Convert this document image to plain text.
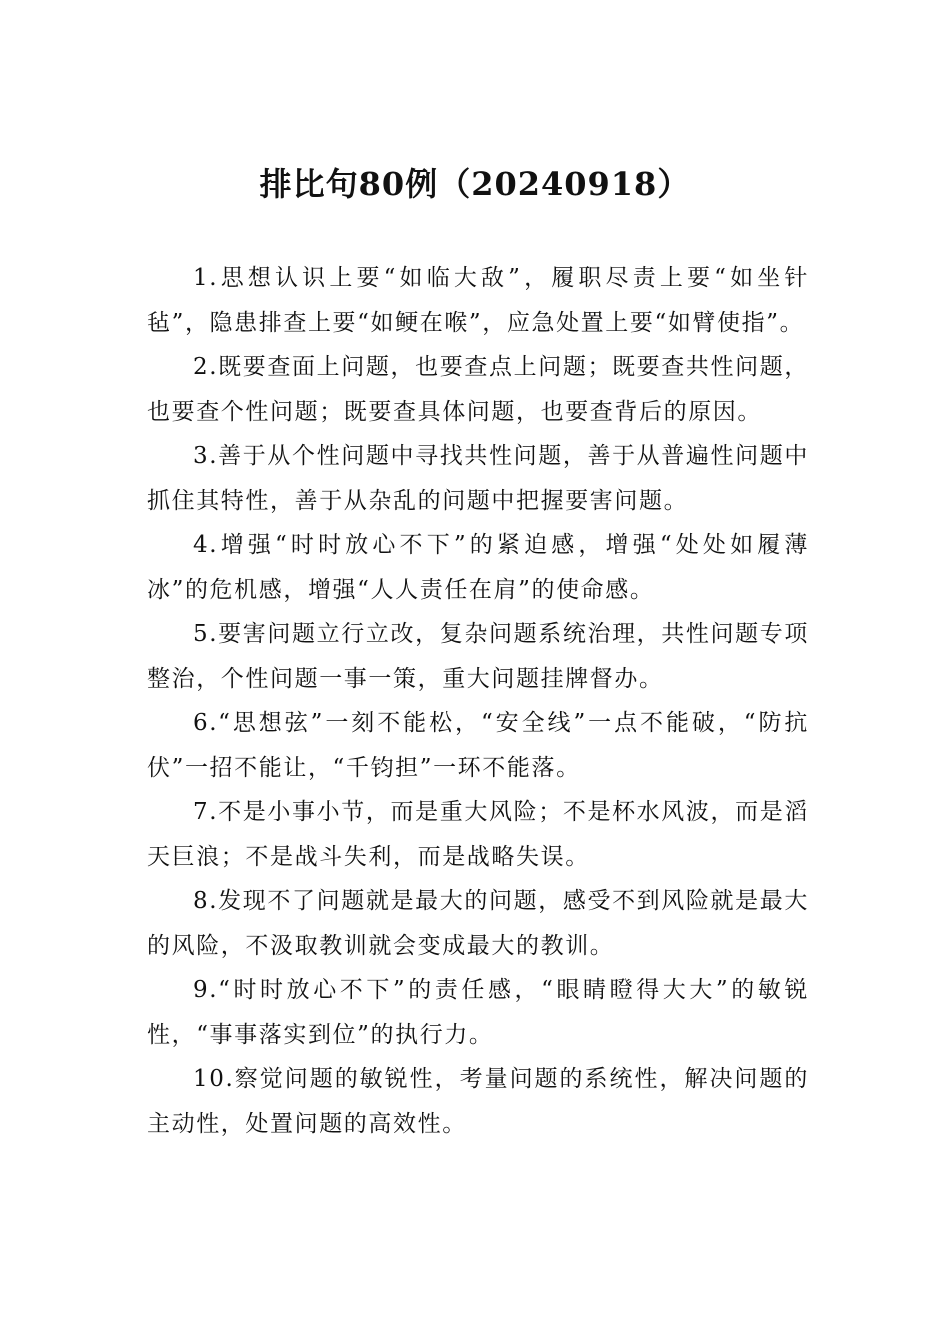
排比句80例（20240918）

1.思想认识上要“如临大敌”，履职尽责上要“如坐针毡”，隐患排查上要“如鲠在喉”，应急处置上要“如臂使指”。

2.既要查面上问题，也要查点上问题；既要查共性问题，也要查个性问题；既要查具体问题，也要查背后的原因。

3.善于从个性问题中寻找共性问题，善于从普遍性问题中抓住其特性，善于从杂乱的问题中把握要害问题。

4.增强“时时放心不下”的紧迫感，增强“处处如履薄冰”的危机感，增强“人人责任在肩”的使命感。

5.要害问题立行立改，复杂问题系统治理，共性问题专项整治，个性问题一事一策，重大问题挂牌督办。

6.“思想弦”一刻不能松，“安全线”一点不能破，“防抗伏”一招不能让，“千钧担”一环不能落。

7.不是小事小节，而是重大风险；不是杯水风波，而是滔天巨浪；不是战斗失利，而是战略失误。

8.发现不了问题就是最大的问题，感受不到风险就是最大的风险，不汲取教训就会变成最大的教训。

9.“时时放心不下”的责任感，“眼睛瞪得大大”的敏锐性，“事事落实到位”的执行力。

10.察觉问题的敏锐性，考量问题的系统性，解决问题的主动性，处置问题的高效性。
